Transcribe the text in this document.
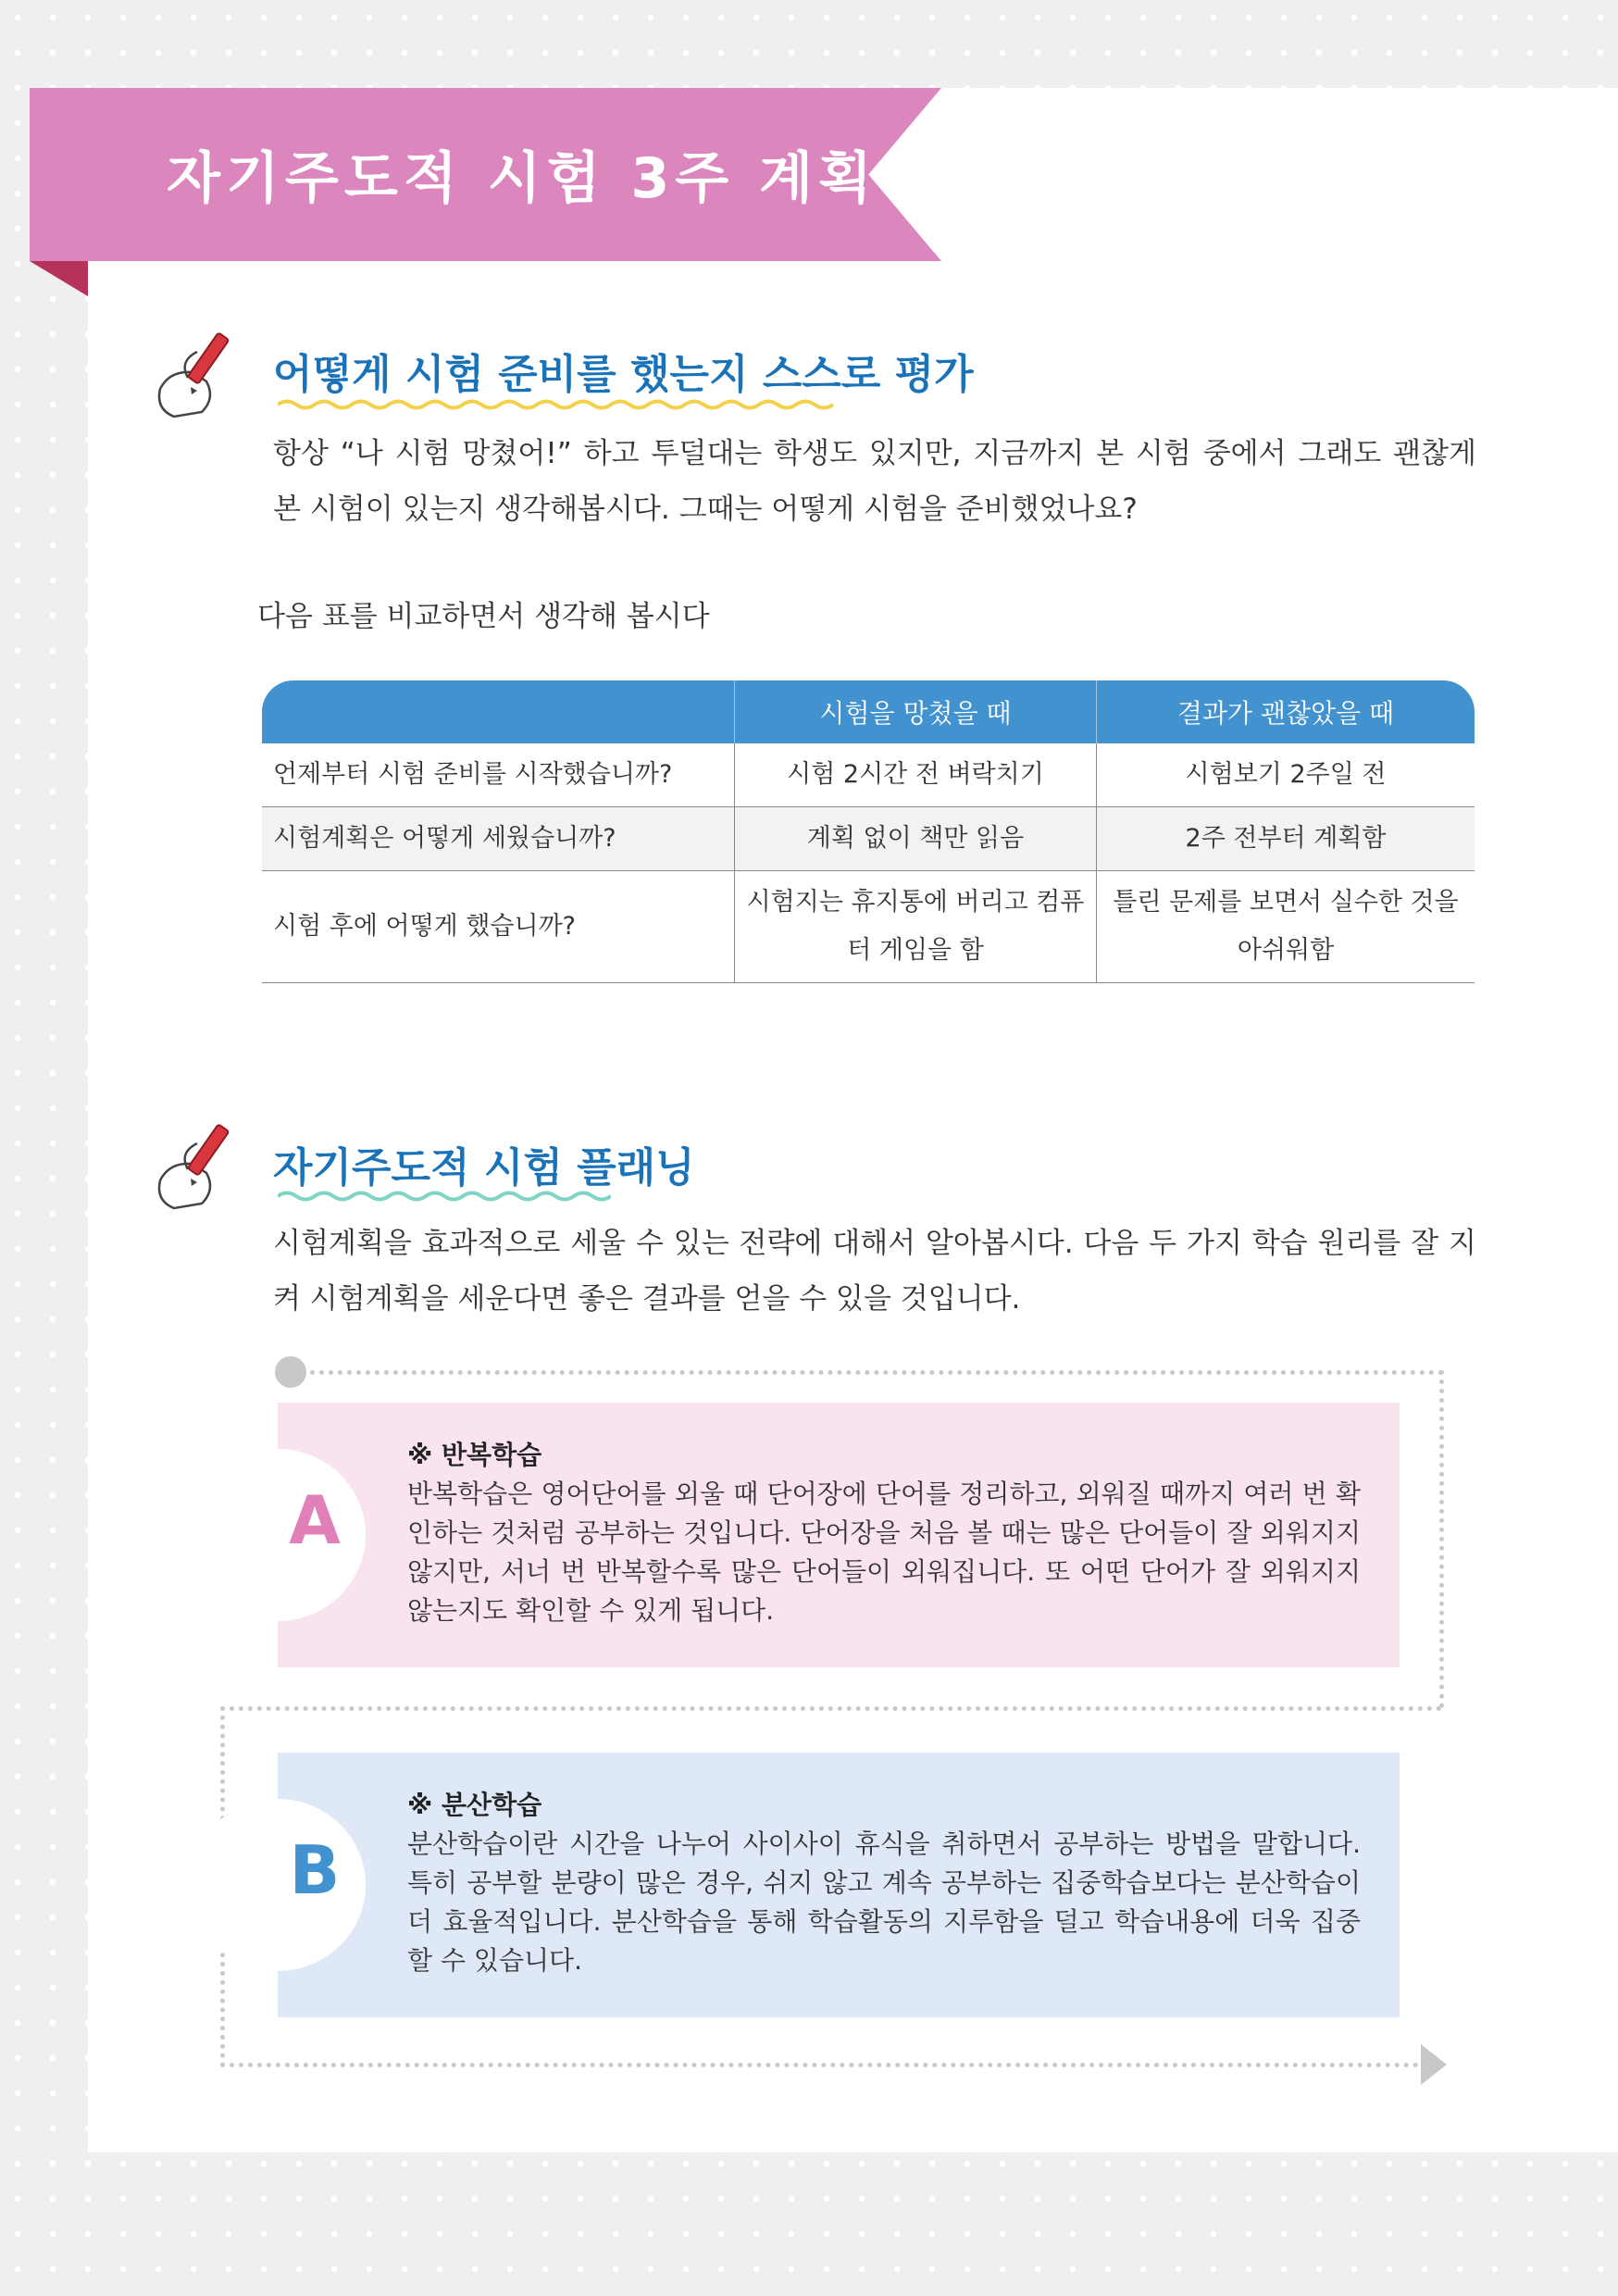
자기주도적 시험 3주 계획
어떻게 시험 준비를 했는지 스스로 평가
항상 “나 시험 망쳤어!” 하고 투덜대는 학생도 있지만, 지금까지 본 시험 중에서 그래도 괜찮게 본 시험이 있는지 생각해봅시다. 그때는 어떻게 시험을 준비했었나요?
다음 표를 비교하면서 생각해 봅시다
	시험을 망쳤을 때	결과가 괜찮았을 때
언제부터 시험 준비를 시작했습니까?	시험 2시간 전 벼락치기	시험보기 2주일 전
시험계획은 어떻게 세웠습니까?	계획 없이 책만 읽음	2주 전부터 계획함
시험 후에 어떻게 했습니까?	시험지는 휴지통에 버리고 컴퓨터 게임을 함	틀린 문제를 보면서 실수한 것을 아쉬워함
자기주도적 시험 플래닝
시험계획을 효과적으로 세울 수 있는 전략에 대해서 알아봅시다. 다음 두 가지 학습 원리를 잘 지켜 시험계획을 세운다면 좋은 결과를 얻을 수 있을 것입니다.
A
※ 반복학습
반복학습은 영어단어를 외울 때 단어장에 단어를 정리하고, 외워질 때까지 여러 번 확인하는 것처럼 공부하는 것입니다. 단어장을 처음 볼 때는 많은 단어들이 잘 외워지지 않지만, 서너 번 반복할수록 많은 단어들이 외워집니다. 또 어떤 단어가 잘 외워지지 않는지도 확인할 수 있게 됩니다.
B
※ 분산학습
분산학습이란 시간을 나누어 사이사이 휴식을 취하면서 공부하는 방법을 말합니다. 특히 공부할 분량이 많은 경우, 쉬지 않고 계속 공부하는 집중학습보다는 분산학습이 더 효율적입니다. 분산학습을 통해 학습활동의 지루함을 덜고 학습내용에 더욱 집중할 수 있습니다.
